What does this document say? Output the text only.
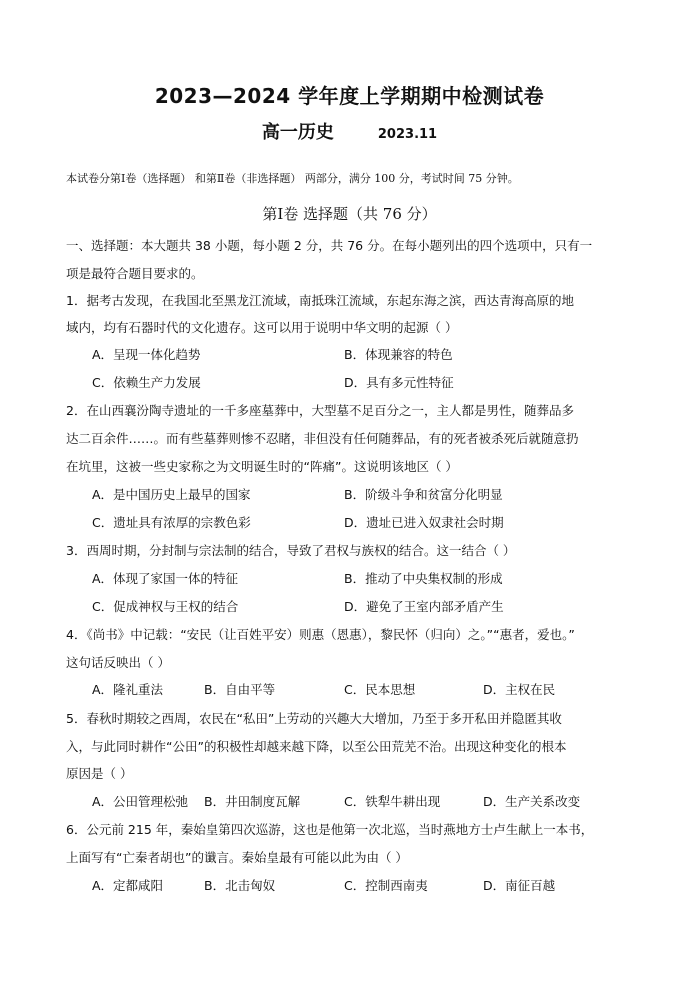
2023—2024 学年度上学期期中检测试卷
高一历史	2023.11
本试卷分第Ⅰ卷（选择题） 和第Ⅱ卷（非选择题） 两部分，满分 100 分，考试时间 75 分钟。
第Ⅰ卷 选择题（共 76 分）
一、选择题：本大题共 38 小题，每小题 2 分，共 76 分。在每小题列出的四个选项中，只有一
项是最符合题目要求的。
1．据考古发现，在我国北至黑龙江流域，南抵珠江流域，东起东海之滨，西达青海高原的地
域内，均有石器时代的文化遗存。这可以用于说明中华文明的起源（ ）
A．呈现一体化趋势	B．体现兼容的特色
C．依赖生产力发展	D．具有多元性特征
2．在山西襄汾陶寺遗址的一千多座墓葬中，大型墓不足百分之一，主人都是男性，随葬品多
达二百余件……。而有些墓葬则惨不忍睹，非但没有任何随葬品，有的死者被杀死后就随意扔
在坑里，这被一些史家称之为文明诞生时的“阵痛”。这说明该地区（ ）
A．是中国历史上最早的国家	B．阶级斗争和贫富分化明显
C．遗址具有浓厚的宗教色彩	D．遗址已进入奴隶社会时期
3．西周时期，分封制与宗法制的结合，导致了君权与族权的结合。这一结合（ ）
A．体现了家国一体的特征	B．推动了中央集权制的形成
C．促成神权与王权的结合	D．避免了王室内部矛盾产生
4．《尚书》中记载：“安民（让百姓平安）则惠（恩惠），黎民怀（归向）之。”“惠者，爱也。”
这句话反映出（ ）
A．隆礼重法	B．自由平等	C．民本思想	D．主权在民
5．春秋时期较之西周，农民在“私田”上劳动的兴趣大大增加，乃至于多开私田并隐匿其收
入，与此同时耕作“公田”的积极性却越来越下降，以至公田荒芜不治。出现这种变化的根本
原因是（ ）
A．公田管理松弛 B．井田制度瓦解	C．铁犁牛耕出现	D．生产关系改变
6．公元前 215 年，秦始皇第四次巡游，这也是他第一次北巡，当时燕地方士卢生献上一本书，
上面写有“亡秦者胡也”的谶言。秦始皇最有可能以此为由（ ）
A．定都咸阳	B．北击匈奴	C．控制西南夷	D．南征百越
